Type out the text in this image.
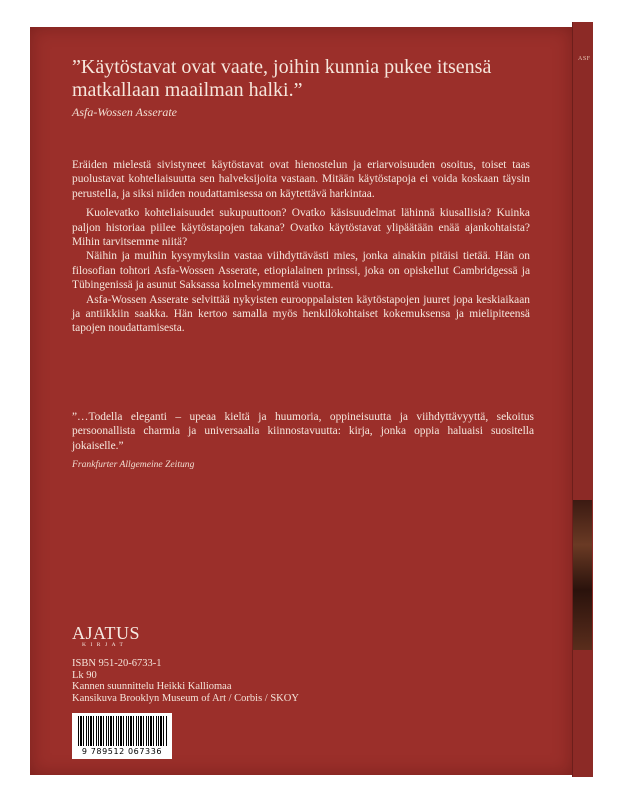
ASF
”Käytöstavat ovat vaate, joihin kunnia pukee itsensä
matkallaan maailman halki.”
Asfa-Wossen Asserate

Eräiden mielestä sivistyneet käytöstavat ovat hienostelun ja eriarvoisuuden osoitus, toiset taas puolustavat kohteliaisuutta sen halveksijoita vastaan. Mitään käytöstapoja ei voida koskaan täysin perustella, ja siksi niiden noudattamisessa on käytettävä harkintaa.

Kuolevatko kohteliaisuudet sukupuuttoon? Ovatko käsisuudelmat lähinnä kiusallisia? Kuinka paljon historiaa piilee käytöstapojen takana? Ovatko käytöstavat ylipäätään enää ajankohtaista? Mihin tarvitsemme niitä?

Näihin ja muihin kysymyksiin vastaa viihdyttävästi mies, jonka ainakin pitäisi tietää. Hän on filosofian tohtori Asfa-Wossen Asserate, etiopialainen prinssi, joka on opiskellut Cambridgessä ja Tübingenissä ja asunut Saksassa kolmekymmentä vuotta.

Asfa-Wossen Asserate selvittää nykyisten eurooppalaisten käytöstapojen juuret jopa keskiaikaan ja antiikkiin saakka. Hän kertoo samalla myös henkilökohtaiset kokemuksensa ja mielipiteensä tapojen noudattamisesta.

”…Todella eleganti – upeaa kieltä ja huumoria, oppineisuutta ja viihdyttävyyttä, sekoitus persoonallista charmia ja universaalia kiinnostavuutta: kirja, jonka oppia haluaisi suositella jokaiselle.”
Frankfurter Allgemeine Zeitung
AJATUS
KIRJAT
ISBN 951-20-6733-1
Lk 90
Kannen suunnittelu Heikki Kalliomaa
Kansikuva Brooklyn Museum of Art / Corbis / SKOY
9 789512 067336
